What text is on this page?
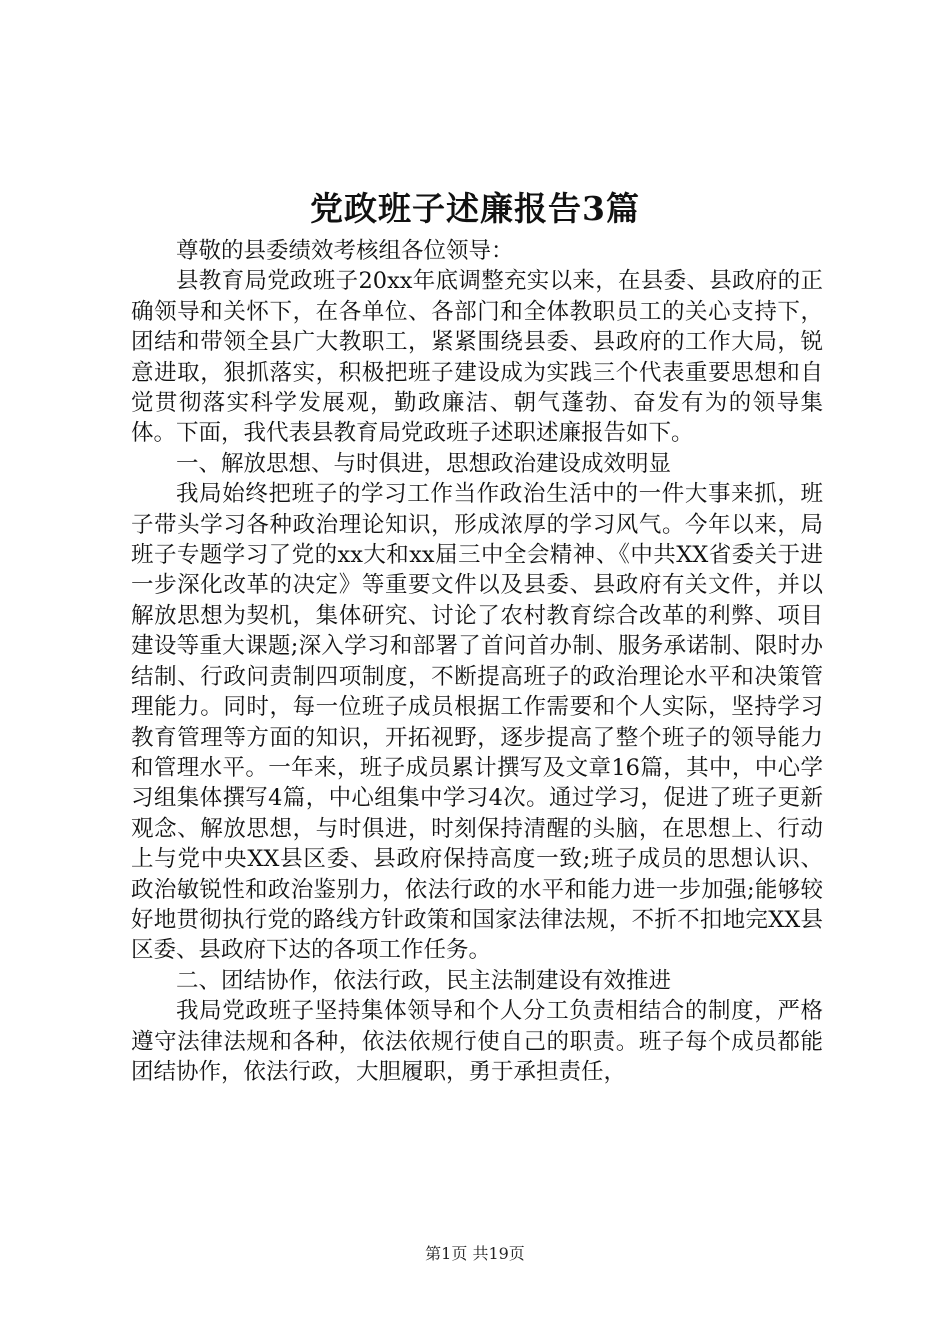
党政班子述廉报告3篇

尊敬的县委绩效考核组各位领导：

县教育局党政班子20xx年底调整充实以来，在县委、县政府的正确领导和关怀下，在各单位、各部门和全体教职员工的关心支持下，团结和带领全县广大教职工，紧紧围绕县委、县政府的工作大局，锐意进取，狠抓落实，积极把班子建设成为实践三个代表重要思想和自觉贯彻落实科学发展观，勤政廉洁、朝气蓬勃、奋发有为的领导集体。下面，我代表县教育局党政班子述职述廉报告如下。

一、解放思想、与时俱进，思想政治建设成效明显

我局始终把班子的学习工作当作政治生活中的一件大事来抓，班子带头学习各种政治理论知识，形成浓厚的学习风气。今年以来，局班子专题学习了党的xx大和xx届三中全会精神、《中共XX省委关于进一步深化改革的决定》等重要文件以及县委、县政府有关文件，并以解放思想为契机，集体研究、讨论了农村教育综合改革的利弊、项目建设等重大课题;深入学习和部署了首问首办制、服务承诺制、限时办结制、行政问责制四项制度，不断提高班子的政治理论水平和决策管理能力。同时，每一位班子成员根据工作需要和个人实际，坚持学习教育管理等方面的知识，开拓视野，逐步提高了整个班子的领导能力和管理水平。一年来，班子成员累计撰写及文章16篇，其中，中心学习组集体撰写4篇，中心组集中学习4次。通过学习，促进了班子更新观念、解放思想，与时俱进，时刻保持清醒的头脑，在思想上、行动上与党中央XX县区委、县政府保持高度一致;班子成员的思想认识、政治敏锐性和政治鉴别力，依法行政的水平和能力进一步加强;能够较好地贯彻执行党的路线方针政策和国家法律法规，不折不扣地完XX县区委、县政府下达的各项工作任务。

二、团结协作，依法行政，民主法制建设有效推进

我局党政班子坚持集体领导和个人分工负责相结合的制度，严格遵守法律法规和各种，依法依规行使自己的职责。班子每个成员都能团结协作，依法行政，大胆履职，勇于承担责任，

第1页 共19页
